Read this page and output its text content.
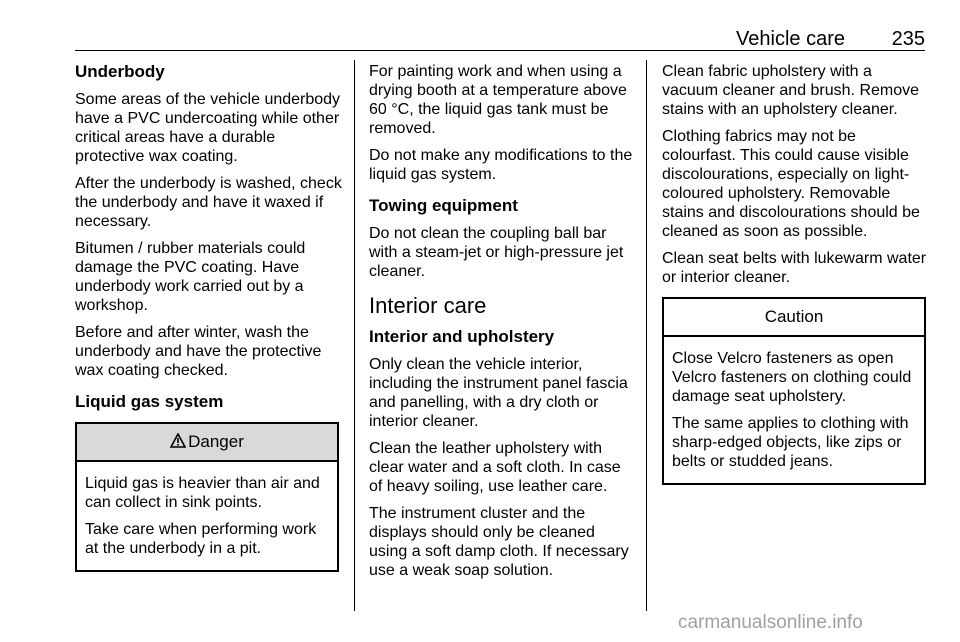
Vehicle care 235
Underbody

Some areas of the vehicle underbody have a PVC undercoating while other critical areas have a durable protective wax coating.

After the underbody is washed, check the underbody and have it waxed if necessary.

Bitumen / rubber materials could damage the PVC coating. Have underbody work carried out by a workshop.

Before and after winter, wash the underbody and have the protective wax coating checked.

Liquid gas system
Danger

Liquid gas is heavier than air and can collect in sink points.

Take care when performing work at the underbody in a pit.

For painting work and when using a drying booth at a temperature above 60 °C, the liquid gas tank must be removed.

Do not make any modifications to the liquid gas system.

Towing equipment

Do not clean the coupling ball bar with a steam-jet or high-pressure jet cleaner.

Interior care
Interior and upholstery

Only clean the vehicle interior, including the instrument panel fascia and panelling, with a dry cloth or interior cleaner.

Clean the leather upholstery with clear water and a soft cloth. In case of heavy soiling, use leather care.

The instrument cluster and the displays should only be cleaned using a soft damp cloth. If necessary use a weak soap solution.

Clean fabric upholstery with a vacuum cleaner and brush. Remove stains with an upholstery cleaner.

Clothing fabrics may not be colourfast. This could cause visible discolourations, especially on light-coloured upholstery. Removable stains and discolourations should be cleaned as soon as possible.

Clean seat belts with lukewarm water or interior cleaner.

Caution

Close Velcro fasteners as open Velcro fasteners on clothing could damage seat upholstery.

The same applies to clothing with sharp-edged objects, like zips or belts or studded jeans.

carmanualsonline.info
